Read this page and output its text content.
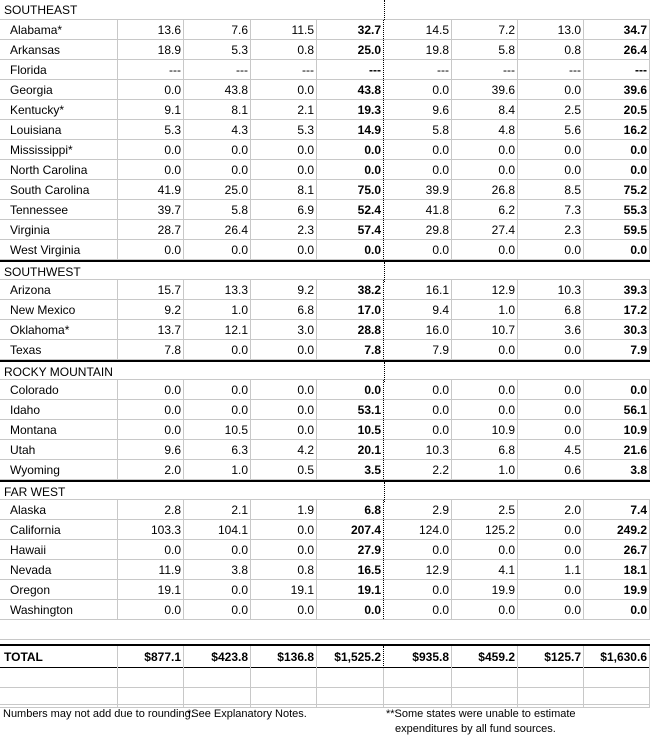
SOUTHEAST
Alabama*	13.6	7.6	11.5	32.7	14.5	7.2	13.0	34.7
Arkansas	18.9	5.3	0.8	25.0	19.8	5.8	0.8	26.4
Florida	---	---	---	---	---	---	---	---
Georgia	0.0	43.8	0.0	43.8	0.0	39.6	0.0	39.6
Kentucky*	9.1	8.1	2.1	19.3	9.6	8.4	2.5	20.5
Louisiana	5.3	4.3	5.3	14.9	5.8	4.8	5.6	16.2
Mississippi*	0.0	0.0	0.0	0.0	0.0	0.0	0.0	0.0
North Carolina	0.0	0.0	0.0	0.0	0.0	0.0	0.0	0.0
South Carolina	41.9	25.0	8.1	75.0	39.9	26.8	8.5	75.2
Tennessee	39.7	5.8	6.9	52.4	41.8	6.2	7.3	55.3
Virginia	28.7	26.4	2.3	57.4	29.8	27.4	2.3	59.5
West Virginia	0.0	0.0	0.0	0.0	0.0	0.0	0.0	0.0
SOUTHWEST
Arizona	15.7	13.3	9.2	38.2	16.1	12.9	10.3	39.3
New Mexico	9.2	1.0	6.8	17.0	9.4	1.0	6.8	17.2
Oklahoma*	13.7	12.1	3.0	28.8	16.0	10.7	3.6	30.3
Texas	7.8	0.0	0.0	7.8	7.9	0.0	0.0	7.9
ROCKY MOUNTAIN
Colorado	0.0	0.0	0.0	0.0	0.0	0.0	0.0	0.0
Idaho	0.0	0.0	0.0	53.1	0.0	0.0	0.0	56.1
Montana	0.0	10.5	0.0	10.5	0.0	10.9	0.0	10.9
Utah	9.6	6.3	4.2	20.1	10.3	6.8	4.5	21.6
Wyoming	2.0	1.0	0.5	3.5	2.2	1.0	0.6	3.8
FAR WEST
Alaska	2.8	2.1	1.9	6.8	2.9	2.5	2.0	7.4
California	103.3	104.1	0.0	207.4	124.0	125.2	0.0	249.2
Hawaii	0.0	0.0	0.0	27.9	0.0	0.0	0.0	26.7
Nevada	11.9	3.8	0.8	16.5	12.9	4.1	1.1	18.1
Oregon	19.1	0.0	19.1	19.1	0.0	19.9	0.0	19.9
Washington	0.0	0.0	0.0	0.0	0.0	0.0	0.0	0.0
TOTAL	$877.1	$423.8	$136.8	$1,525.2	$935.8	$459.2	$125.7	$1,630.6
Numbers may not add due to rounding.
*See Explanatory Notes.	**Some states were unable to estimate
expenditures by all fund sources.
